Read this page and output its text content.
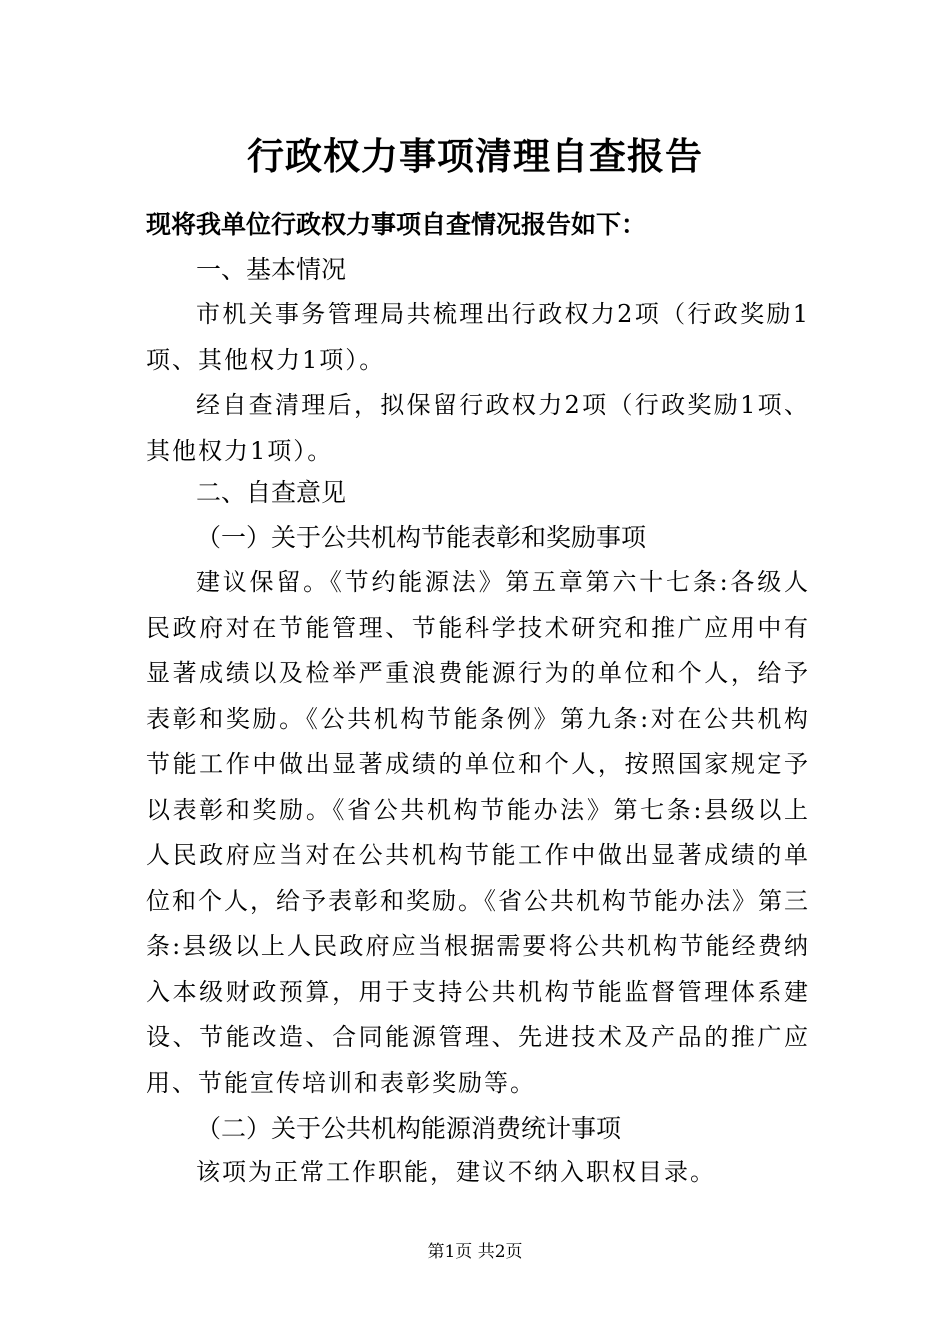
行政权力事项清理自查报告
现将我单位行政权力事项自查情况报告如下：
一、基本情况
市机关事务管理局共梳理出行政权力2项（行政奖励1项、其他权力1项）。
经自查清理后，拟保留行政权力2项（行政奖励1项、其他权力1项）。
二、自查意见
（一）关于公共机构节能表彰和奖励事项
建议保留。《节约能源法》第五章第六十七条:各级人民政府对在节能管理、节能科学技术研究和推广应用中有显著成绩以及检举严重浪费能源行为的单位和个人，给予表彰和奖励。《公共机构节能条例》第九条:对在公共机构节能工作中做出显著成绩的单位和个人，按照国家规定予以表彰和奖励。《省公共机构节能办法》第七条:县级以上人民政府应当对在公共机构节能工作中做出显著成绩的单位和个人，给予表彰和奖励。《省公共机构节能办法》第三条:县级以上人民政府应当根据需要将公共机构节能经费纳入本级财政预算，用于支持公共机构节能监督管理体系建设、节能改造、合同能源管理、先进技术及产品的推广应用、节能宣传培训和表彰奖励等。
（二）关于公共机构能源消费统计事项
该项为正常工作职能，建议不纳入职权目录。
第1页 共2页
